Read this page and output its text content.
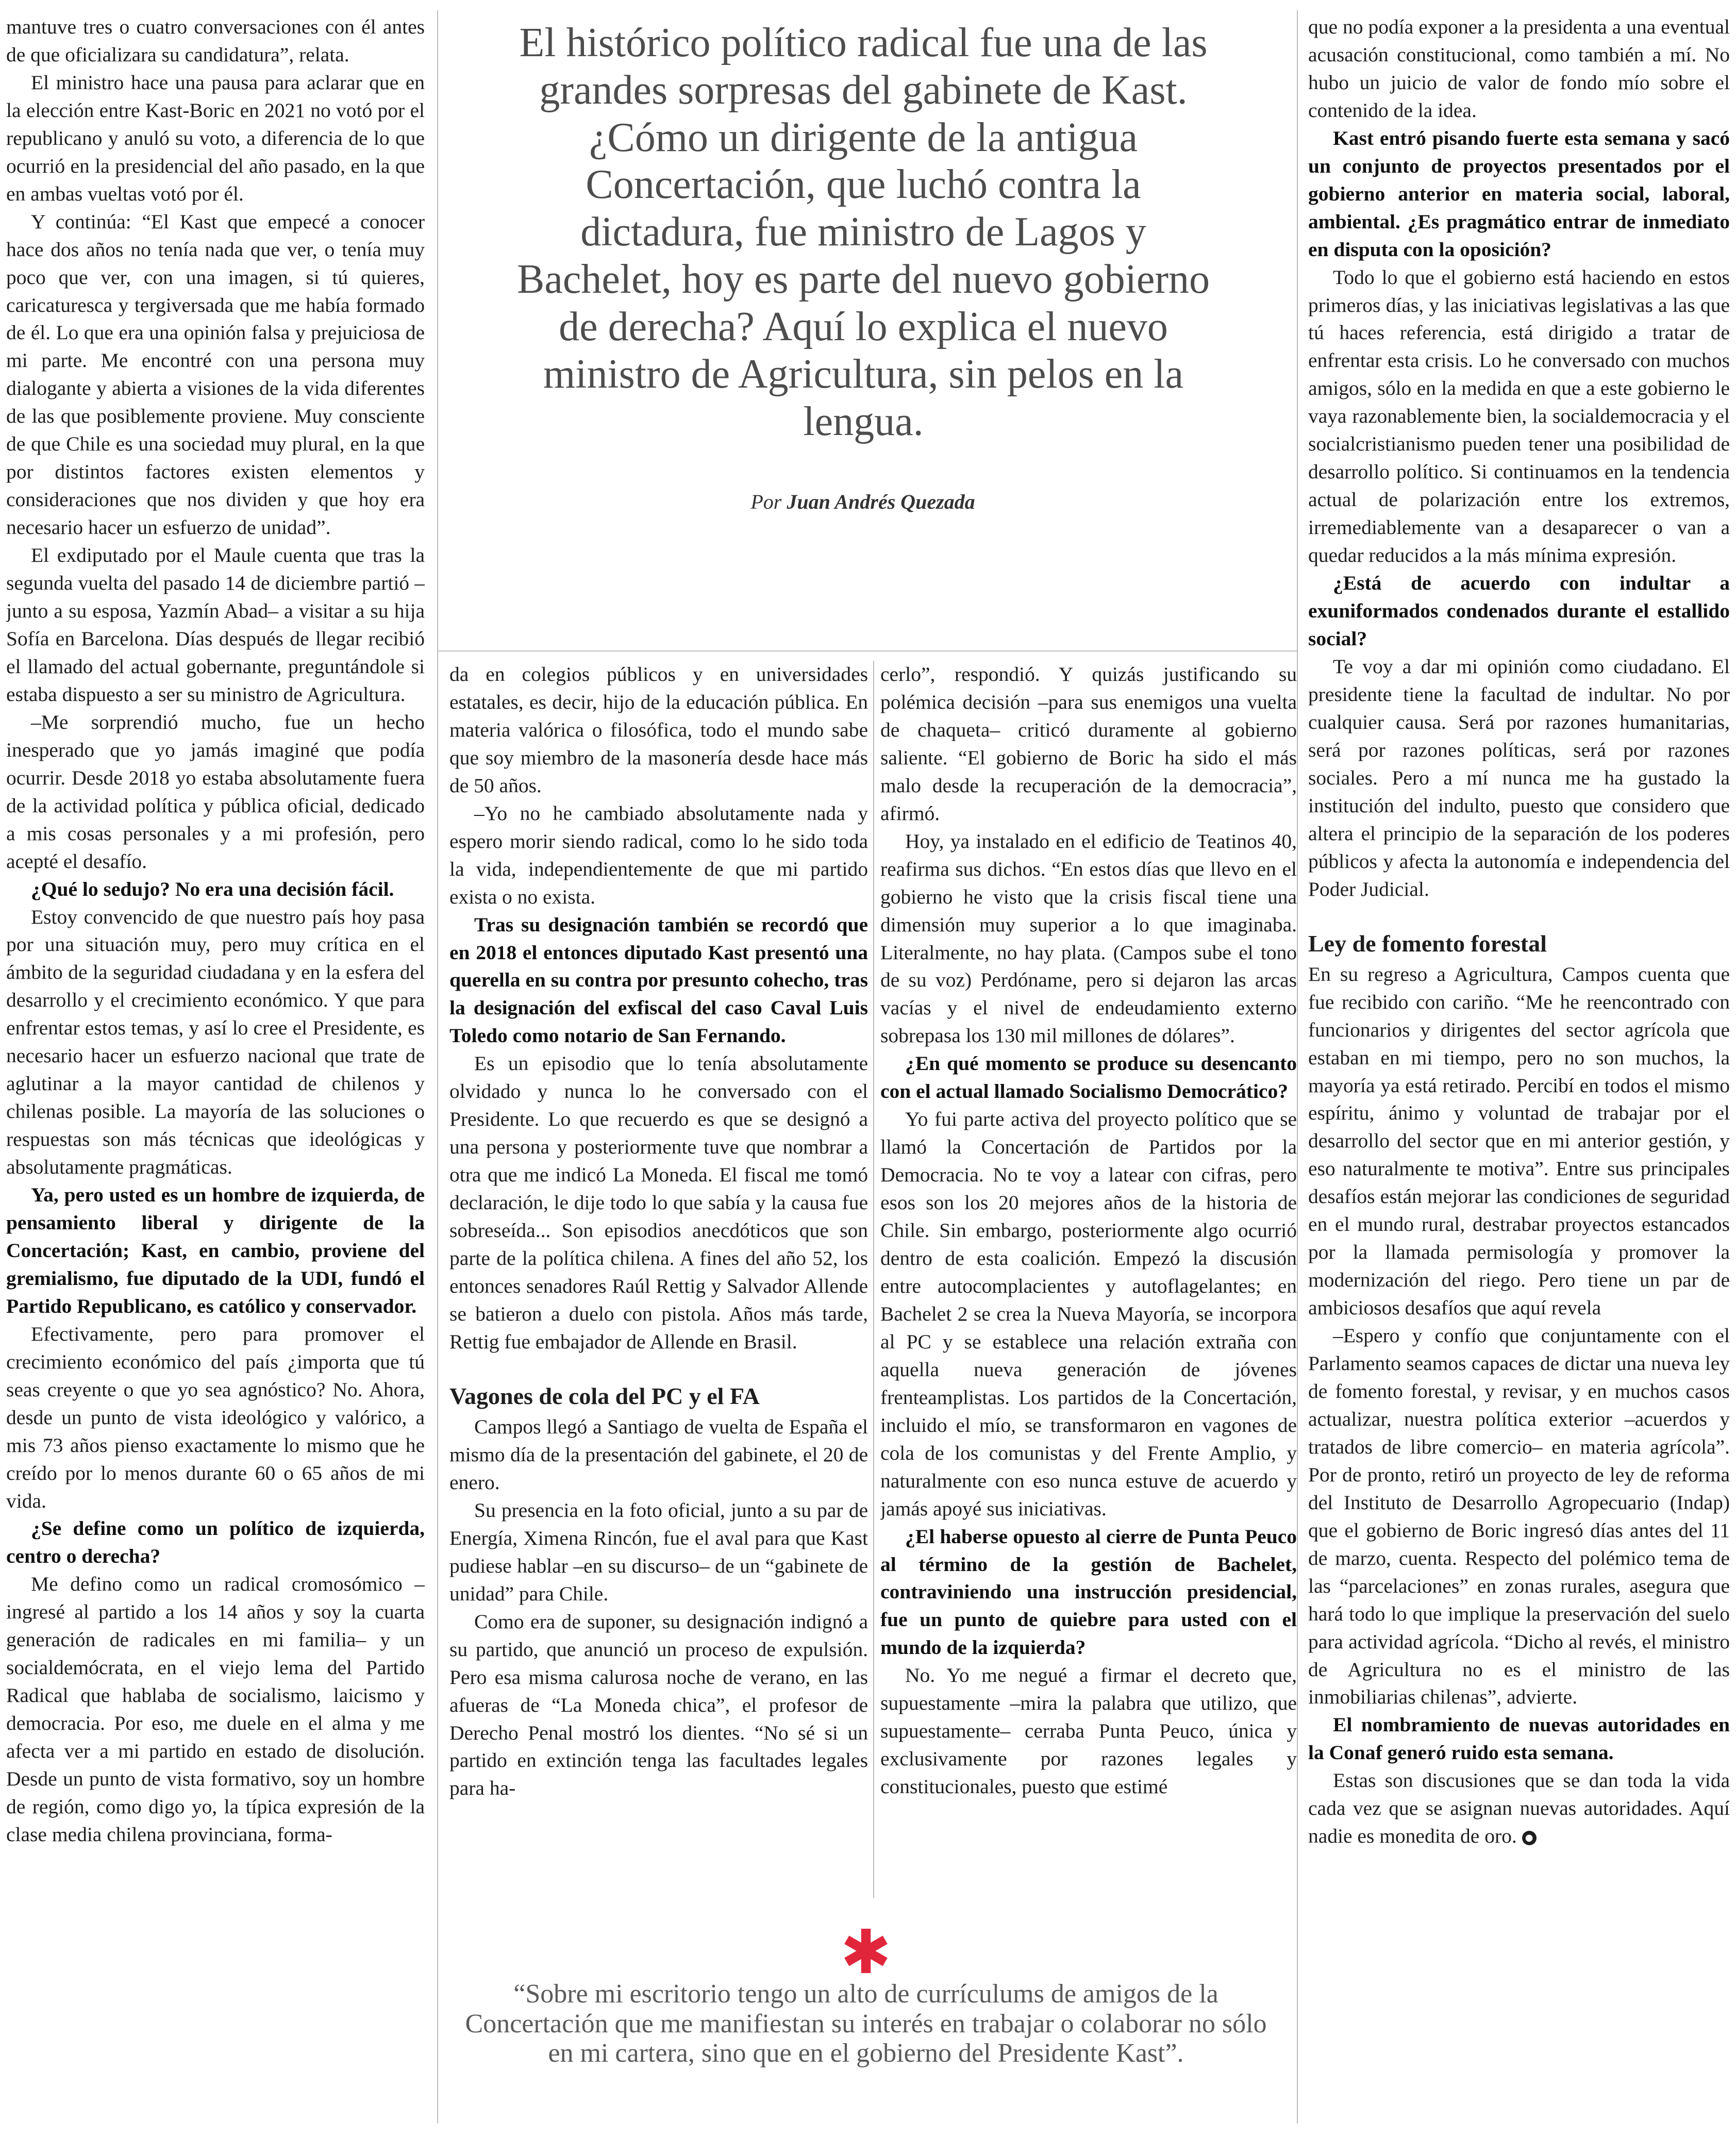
mantuve tres o cuatro conversaciones con él antes de que oficializara su candidatura”, relata.

El ministro hace una pausa para aclarar que en la elección entre Kast-Boric en 2021 no votó por el republicano y anuló su voto, a diferencia de lo que ocurrió en la presidencial del año pasado, en la que en ambas vueltas votó por él.

Y continúa: “El Kast que empecé a conocer hace dos años no tenía nada que ver, o tenía muy poco que ver, con una imagen, si tú quieres, caricaturesca y tergiversada que me había formado de él. Lo que era una opinión falsa y prejuiciosa de mi parte. Me encontré con una persona muy dialogante y abierta a visiones de la vida diferentes de las que posiblemente proviene. Muy consciente de que Chile es una sociedad muy plural, en la que por distintos factores existen elementos y consideraciones que nos dividen y que hoy era necesario hacer un esfuerzo de unidad”.

El exdiputado por el Maule cuenta que tras la segunda vuelta del pasado 14 de diciembre partió –junto a su esposa, Yazmín Abad– a visitar a su hija Sofía en Barcelona. Días después de llegar recibió el llamado del actual gobernante, preguntándole si estaba dispuesto a ser su ministro de Agricultura.

–Me sorprendió mucho, fue un hecho inesperado que yo jamás imaginé que podía ocurrir. Desde 2018 yo estaba absolutamente fuera de la actividad política y pública oficial, dedicado a mis cosas personales y a mi profesión, pero acepté el desafío.

¿Qué lo sedujo? No era una decisión fácil.

Estoy convencido de que nuestro país hoy pasa por una situación muy, pero muy crítica en el ámbito de la seguridad ciudadana y en la esfera del desarrollo y el crecimiento económico. Y que para enfrentar estos temas, y así lo cree el Presidente, es necesario hacer un esfuerzo nacional que trate de aglutinar a la mayor cantidad de chilenos y chilenas posible. La mayoría de las soluciones o respuestas son más técnicas que ideológicas y absolutamente pragmáticas.

Ya, pero usted es un hombre de izquierda, de pensamiento liberal y dirigente de la Concertación; Kast, en cambio, proviene del gremialismo, fue diputado de la UDI, fundó el Partido Republicano, es católico y conservador.

Efectivamente, pero para promover el crecimiento económico del país ¿importa que tú seas creyente o que yo sea agnóstico? No. Ahora, desde un punto de vista ideológico y valórico, a mis 73 años pienso exactamente lo mismo que he creído por lo menos durante 60 o 65 años de mi vida.

¿Se define como un político de izquierda, centro o derecha?

Me defino como un radical cromosómico –ingresé al partido a los 14 años y soy la cuarta generación de radicales en mi familia– y un socialdemócrata, en el viejo lema del Partido Radical que hablaba de socialismo, laicismo y democracia. Por eso, me duele en el alma y me afecta ver a mi partido en estado de disolución. Desde un punto de vista formativo, soy un hombre de región, como digo yo, la típica expresión de la clase media chilena provinciana, forma-

El histórico político radical fue una de las grandes sorpresas del gabinete de Kast. ¿Cómo un dirigente de la antigua Concertación, que luchó contra la dictadura, fue ministro de Lagos y Bachelet, hoy es parte del nuevo gobierno de derecha? Aquí lo explica el nuevo ministro de Agricultura, sin pelos en la lengua.
Por Juan Andrés Quezada

da en colegios públicos y en universidades estatales, es decir, hijo de la educación pública. En materia valórica o filosófica, todo el mundo sabe que soy miembro de la masonería desde hace más de 50 años.

–Yo no he cambiado absolutamente nada y espero morir siendo radical, como lo he sido toda la vida, independientemente de que mi partido exista o no exista.

Tras su designación también se recordó que en 2018 el entonces diputado Kast presentó una querella en su contra por presunto cohecho, tras la designación del exfiscal del caso Caval Luis Toledo como notario de San Fernando.

Es un episodio que lo tenía absolutamente olvidado y nunca lo he conversado con el Presidente. Lo que recuerdo es que se designó a una persona y posteriormente tuve que nombrar a otra que me indicó La Moneda. El fiscal me tomó declaración, le dije todo lo que sabía y la causa fue sobreseída... Son episodios anecdóticos que son parte de la política chilena. A fines del año 52, los entonces senadores Raúl Rettig y Salvador Allende se batieron a duelo con pistola. Años más tarde, Rettig fue embajador de Allende en Brasil.

Vagones de cola del PC y el FA

Campos llegó a Santiago de vuelta de España el mismo día de la presentación del gabinete, el 20 de enero.

Su presencia en la foto oficial, junto a su par de Energía, Ximena Rincón, fue el aval para que Kast pudiese hablar –en su discurso– de un “gabinete de unidad” para Chile.

Como era de suponer, su designación indignó a su partido, que anunció un proceso de expulsión. Pero esa misma calurosa noche de verano, en las afueras de “La Moneda chica”, el profesor de Derecho Penal mostró los dientes. “No sé si un partido en extinción tenga las facultades legales para ha-

cerlo”, respondió. Y quizás justificando su polémica decisión –para sus enemigos una vuelta de chaqueta– criticó duramente al gobierno saliente. “El gobierno de Boric ha sido el más malo desde la recuperación de la democracia”, afirmó.

Hoy, ya instalado en el edificio de Teatinos 40, reafirma sus dichos. “En estos días que llevo en el gobierno he visto que la crisis fiscal tiene una dimensión muy superior a lo que imaginaba. Literalmente, no hay plata. (Campos sube el tono de su voz) Perdóname, pero si dejaron las arcas vacías y el nivel de endeudamiento externo sobrepasa los 130 mil millones de dólares”.

¿En qué momento se produce su desencanto con el actual llamado Socialismo Democrático?

Yo fui parte activa del proyecto político que se llamó la Concertación de Partidos por la Democracia. No te voy a latear con cifras, pero esos son los 20 mejores años de la historia de Chile. Sin embargo, posteriormente algo ocurrió dentro de esta coalición. Empezó la discusión entre autocomplacientes y autoflagelantes; en Bachelet 2 se crea la Nueva Mayoría, se incorpora al PC y se establece una relación extraña con aquella nueva generación de jóvenes frenteamplistas. Los partidos de la Concertación, incluido el mío, se transformaron en vagones de cola de los comunistas y del Frente Amplio, y naturalmente con eso nunca estuve de acuerdo y jamás apoyé sus iniciativas.

¿El haberse opuesto al cierre de Punta Peuco al término de la gestión de Bachelet, contraviniendo una instrucción presidencial, fue un punto de quiebre para usted con el mundo de la izquierda?

No. Yo me negué a firmar el decreto que, supuestamente –mira la palabra que utilizo, que supuestamente– cerraba Punta Peuco, única y exclusivamente por razones legales y constitucionales, puesto que estimé

✱
“Sobre mi escritorio tengo un alto de currículums de amigos de la Concertación que me manifiestan su interés en trabajar o colaborar no sólo en mi cartera, sino que en el gobierno del Presidente Kast”.

que no podía exponer a la presidenta a una eventual acusación constitucional, como también a mí. No hubo un juicio de valor de fondo mío sobre el contenido de la idea.

Kast entró pisando fuerte esta semana y sacó un conjunto de proyectos presentados por el gobierno anterior en materia social, laboral, ambiental. ¿Es pragmático entrar de inmediato en disputa con la oposición?

Todo lo que el gobierno está haciendo en estos primeros días, y las iniciativas legislativas a las que tú haces referencia, está dirigido a tratar de enfrentar esta crisis. Lo he conversado con muchos amigos, sólo en la medida en que a este gobierno le vaya razonablemente bien, la socialdemocracia y el socialcristianismo pueden tener una posibilidad de desarrollo político. Si continuamos en la tendencia actual de polarización entre los extremos, irremediablemente van a desaparecer o van a quedar reducidos a la más mínima expresión.

¿Está de acuerdo con indultar a exuniformados condenados durante el estallido social?

Te voy a dar mi opinión como ciudadano. El presidente tiene la facultad de indultar. No por cualquier causa. Será por razones humanitarias, será por razones políticas, será por razones sociales. Pero a mí nunca me ha gustado la institución del indulto, puesto que considero que altera el principio de la separación de los poderes públicos y afecta la autonomía e independencia del Poder Judicial.

Ley de fomento forestal

En su regreso a Agricultura, Campos cuenta que fue recibido con cariño. “Me he reencontrado con funcionarios y dirigentes del sector agrícola que estaban en mi tiempo, pero no son muchos, la mayoría ya está retirado. Percibí en todos el mismo espíritu, ánimo y voluntad de trabajar por el desarrollo del sector que en mi anterior gestión, y eso naturalmente te motiva”. Entre sus principales desafíos están mejorar las condiciones de seguridad en el mundo rural, destrabar proyectos estancados por la llamada permisología y promover la modernización del riego. Pero tiene un par de ambiciosos desafíos que aquí revela

–Espero y confío que conjuntamente con el Parlamento seamos capaces de dictar una nueva ley de fomento forestal, y revisar, y en muchos casos actualizar, nuestra política exterior –acuerdos y tratados de libre comercio– en materia agrícola”. Por de pronto, retiró un proyecto de ley de reforma del Instituto de Desarrollo Agropecuario (Indap) que el gobierno de Boric ingresó días antes del 11 de marzo, cuenta. Respecto del polémico tema de las “parcelaciones” en zonas rurales, asegura que hará todo lo que implique la preservación del suelo para actividad agrícola. “Dicho al revés, el ministro de Agricultura no es el ministro de las inmobiliarias chilenas”, advierte.

El nombramiento de nuevas autoridades en la Conaf generó ruido esta semana.

Estas son discusiones que se dan toda la vida cada vez que se asignan nuevas autoridades. Aquí nadie es monedita de oro. ●
